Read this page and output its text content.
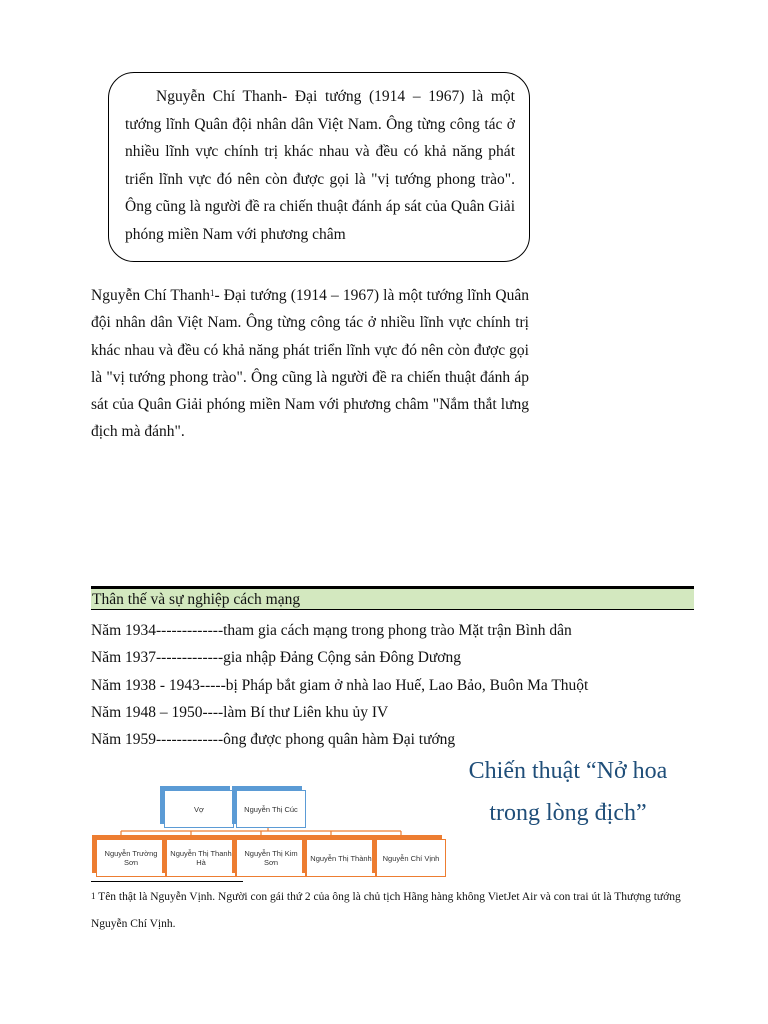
Nguyễn Chí Thanh- Đại tướng (1914 – 1967) là một tướng lĩnh Quân đội nhân dân Việt Nam. Ông từng công tác ở nhiều lĩnh vực chính trị khác nhau và đều có khả năng phát triển lĩnh vực đó nên còn được gọi là "vị tướng phong trào". Ông cũng là người đề ra chiến thuật đánh áp sát của Quân Giải phóng miền Nam với phương châm
Nguyễn Chí Thanh$^1$- Đại tướng (1914 – 1967) là một tướng lĩnh Quân đội nhân dân Việt Nam. Ông từng công tác ở nhiều lĩnh vực chính trị khác nhau và đều có khả năng phát triển lĩnh vực đó nên còn được gọi là "vị tướng phong trào". Ông cũng là người đề ra chiến thuật đánh áp sát của Quân Giải phóng miền Nam với phương châm "Nắm thắt lưng địch mà đánh".
Thân thế và sự nghiệp cách mạng
Năm 1934-------------tham gia cách mạng trong phong trào Mặt trận Bình dân
Năm 1937-------------gia nhập Đảng Cộng sản Đông Dương
Năm 1938 - 1943-----bị Pháp bắt giam ở nhà lao Huế, Lao Bảo, Buôn Ma Thuột
Năm 1948 – 1950----làm Bí thư Liên khu ủy IV
Năm 1959-------------ông được phong quân hàm Đại tướng
Chiến thuật “Nở hoa
trong lòng địch”
Vợ	Nguyễn Thị Cúc
Nguyễn Trường Sơn
Nguyễn Thị Thanh Hà
Nguyễn Thị Kim Sơn	Nguyễn Thị Thành Nguyễn Chí Vịnh
$^1$ Tên thật là Nguyễn Vịnh. Người con gái thứ 2 của ông là chủ tịch Hãng hàng không VietJet Air và con trai út là Thượng tướng Nguyễn Chí Vịnh.
